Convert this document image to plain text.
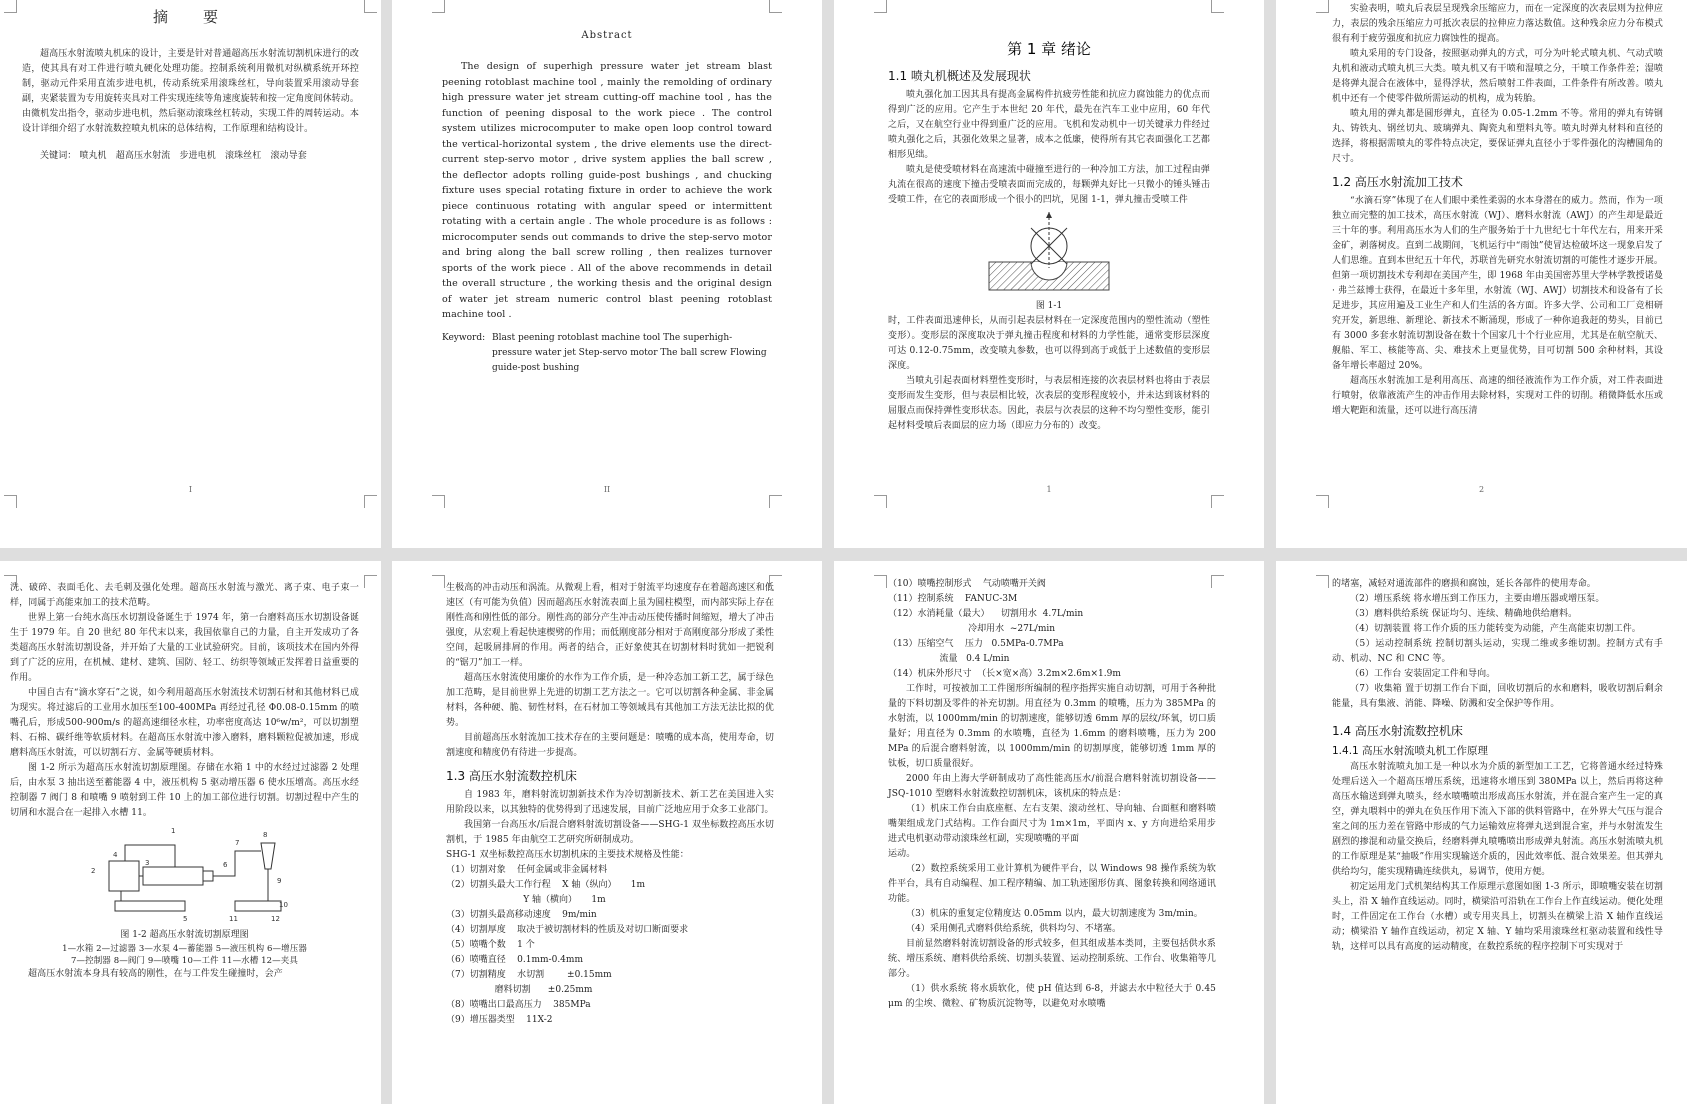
摘　要

超高压水射流喷丸机床的设计，主要是针对普通超高压水射流切割机床进行的改造，使其具有对工件进行喷丸硬化处理功能。控制系统利用微机对纵横系统开环控制，驱动元件采用直流步进电机，传动系统采用滚珠丝杠，导向装置采用滚动导套副，夹紧装置为专用旋转夹具对工件实现连续等角速度旋转和按一定角度间休转动。由微机发出指令，驱动步进电机，然后驱动滚珠丝杠转动，实现工件的周转运动。本设计详细介绍了水射流数控喷丸机床的总体结构，工作原理和结构设计。

关键词： 喷丸机　超高压水射流　步进电机　滚珠丝杠　滚动导套

I
Abstract

The design of superhigh pressure water jet stream blast peening rotoblast machine tool , mainly the remolding of ordinary high pressure water jet stream cutting-off machine tool , has the function of peening disposal to the work piece . The control system utilizes microcomputer to make open loop control toward the vertical-horizontal system , the drive elements use the direct-current step-servo motor , drive system applies the ball screw , the deflector adopts rolling guide-post bushings , and chucking fixture uses special rotating fixture in order to achieve the work piece continuous rotating with angular speed or intermittent rotating with a certain angle . The whole procedure is as follows : microcomputer sends out commands to drive the step-servo motor and bring along the ball screw rolling , then realizes turnover sports of the work piece . All of the above recommends in detail the overall structure , the working thesis and the original design of water jet stream numeric control blast peening rotoblast machine tool .

Keyword: Blast peening rotoblast machine tool The superhigh-pressure water jet Step-servo motor The ball screw Flowing guide-post bushing
II
第 1 章 绪论
1.1 喷丸机概述及发展现状

喷丸强化加工因其具有提高金属构件抗疲劳性能和抗应力腐蚀能力的优点而得到广泛的应用。它产生于本世纪 20 年代，最先在汽车工业中应用，60 年代之后，又在航空行业中得到重广泛的应用。飞机和发动机中一切关键承力件经过喷丸强化之后，其强化效果之显著，成本之低廉，使得所有其它表面强化工艺都相形见绌。

喷丸是使受喷材料在高速流中碰撞至进行的一种冷加工方法，加工过程由弹丸流在很高的速度下撞击受喷表面而完成的，每颗弹丸好比一只微小的锤头锤击受喷工件，在它的表面形成一个很小的凹坑，见图 1-1，弹丸撞击受喷工件

图 1-1

时，工件表面迅速伸长，从而引起表层材料在一定深度范围内的塑性流动（塑性变形）。变形层的深度取决于弹丸撞击程度和材料的力学性能，通常变形层深度可达 0.12-0.75mm，改变喷丸参数，也可以得到高于或低于上述数值的变形层深度。

当喷丸引起表面材料塑性变形时，与表层相连接的次表层材料也将由于表层变形而发生变形，但与表层相比较，次表层的变形程度较小，并未达到该材料的屈服点而保持弹性变形状态。因此，表层与次表层的这种不均匀塑性变形，能引起材料受喷后表面层的应力场（即应力分布的）改变。

1

实验表明，喷丸后表层呈现残余压缩应力，而在一定深度的次表层则为拉伸应力，表层的残余压缩应力可抵次表层的拉伸应力落达数值。这种残余应力分布模式很有利于疲劳强度和抗应力腐蚀性的提高。

喷丸采用的专门设备，按照驱动弹丸的方式，可分为叶轮式喷丸机、气动式喷丸机和液动式喷丸机三大类。喷丸机又有干喷和湿喷之分，干喷工作条件差；湿喷是将弹丸混合在液体中，显得浮状，然后喷射工件表面，工件条件有所改善。喷丸机中还有一个使零件做所需运动的机构，成为转胎。

喷丸用的弹丸都是圆形弹丸，直径为 0.05-1.2mm 不等。常用的弹丸有铸钢丸、铸铁丸、钢丝切丸、玻璃弹丸、陶瓷丸和塑料丸等。喷丸时弹丸材料和直径的选择，将根据需喷丸的零件特点决定，要保证弹丸直径小于零件强化的沟槽圆角的尺寸。

1.2 高压水射流加工技术

“水滴石穿”体现了在人们眼中柔性柔弱的水本身潜在的威力。然而，作为一项独立而完整的加工技术，高压水射流（WJ）、磨料水射流（AWJ）的产生却是最近三十年的事。利用高压水为人们的生产服务始于十九世纪七十年代左右，用来开采金矿，剥落树皮。直到二战期间，飞机运行中“雨蚀”使冒达检破坏这一现象启发了人们思维。直到本世纪五十年代，苏联首先研究水射流切割的可能性才逐步开展。但第一项切割技术专利却在美国产生，即 1968 年由美国密苏里大学林学教授诺曼 · 弗兰兹博士获得，在最近十多年里，水射流（WJ、AWJ）切割技术和设备有了长足进步，其应用遍及工业生产和人们生活的各方面。许多大学、公司和工厂竞相研究开发，新思维、新理论、新技术不断涌现，形成了一种你追我赶的势头，目前已有 3000 多套水射流切割设备在数十个国家几十个行业应用，尤其是在航空航天、舰船、军工、核能等高、尖、难技术上更显优势，目可切割 500 余种材料，其设备年增长率超过 20%。

超高压水射流加工是利用高压、高速的细径液流作为工作介质，对工件表面进行喷射，依靠液流产生的冲击作用去除材料，实现对工件的切削。稍微降低水压或增大靶距和流量，还可以进行高压清

2

洗、破碎、表面毛化、去毛刺及强化处理。超高压水射流与激光、离子束、电子束一样，同属于高能束加工的技术范畴。

世界上第一台纯水高压水切割设备诞生于 1974 年，第一台磨料高压水切割设备诞生于 1979 年。自 20 世纪 80 年代末以来，我国依靠自己的力量，自主开发成功了各类超高压水射流切割设备，并开始了大量的工业试验研究。目前，该项技术在国内外得到了广泛的应用，在机械、建材、建筑、国防、轻工、纺织等领域正发挥着日益重要的作用。

中国自古有“滴水穿石”之说，如今利用超高压水射流技术切割石材和其他材料已成为现实。将过滤后的工业用水加压至100-400MPa 再经过孔径 Φ0.08-0.15mm 的喷嘴孔后，形成500-900m/s 的超高速细径水柱，功率密度高达 10⁶w/m²，可以切割塑料、石棉、碳纤维等软质材料。在超高压水射流中渗入磨料，磨料颗粒促被加速，形成磨料高压水射流，可以切割石方、金属等硬质材料。

图 1-2 所示为超高压水射流切割原理图。存储在水箱 1 中的水经过过滤器 2 处理后，由水泵 3 抽出送至蓄能器 4 中，液压机构 5 驱动增压器 6 使水压增高。高压水经控制器 7 阀门 8 和喷嘴 9 喷射到工件 10 上的加工部位进行切割。切割过程中产生的切屑和水混合在一起排入水槽 11。

1
2
3
4
5
6
7
8
9
10
11	12
图 1-2 超高压水射流切割原理图
1—水箱 2—过滤器 3—水泵 4—蓄能器 5—液压机构 6—增压器
7—控制器 8—阀门 9—喷嘴 10—工件 11—水槽 12—夹具

超高压水射流本身具有较高的刚性，在与工件发生碰撞时，会产

生极高的冲击动压和涡流。从微观上看，相对于射流平均速度存在着超高速区和低速区（有可能为负值）因而超高压水射流表面上虽为圆柱模型，而内部实际上存在刚性高和刚性低的部分。刚性高的部分产生冲击动压使传播时间缩短，增大了冲击强度，从宏观上看起快速楔劈的作用；而低刚度部分相对于高刚度部分形成了柔性空间，起吸屑排屑的作用。两者的结合，正好象使其在切割材料时犹如一把锐利的“锯刀”加工一样。

超高压水射流使用廉价的水作为工作介质，是一种冷态加工新工艺，属于绿色加工范畴，是目前世界上先进的切割工艺方法之一。它可以切割各种金属、非金属材料，各种硬、脆、韧性材料，在石材加工等领域具有其他加工方法无法比拟的优势。

目前超高压水射流加工技术存在的主要问题是：喷嘴的成本高，使用寿命，切割速度和精度仍有待进一步提高。

1.3 高压水射流数控机床

自 1983 年，磨料射流切割新技术作为冷切割新技术、新工艺在美国进入实用阶段以来，以其独特的优势得到了迅速发展，目前广泛地应用于众多工业部门。

我国第一台高压水/后混合磨料射流切割设备——SHG-1 双坐标数控高压水切割机，于 1985 年由航空工艺研究所研制成功。

SHG-1 双坐标数控高压水切割机床的主要技术规格及性能：

（1）切割对象    任何金属或非金属材料
（2）切割头最大工作行程    X 轴（纵向）     1m
Y 轴（横向）     1m
（3）切割头最高移动速度    9m/min
（4）切割厚度    取决于被切割材料的性质及对切口断面要求
（5）喷嘴个数    1 个
（6）喷嘴直径    0.1mm-0.4mm
（7）切割精度    水切割        ±0.15mm
磨料切割      ±0.25mm
（8）喷嘴出口最高压力    385MPa
（9）增压器类型    11X-2
（10）喷嘴控制形式    气动喷嘴开关阀
（11）控制系统    FANUC-3M
（12）水消耗量（最大）    切割用水  4.7L/min
冷却用水  ~27L/min
（13）压缩空气    压力   0.5MPa-0.7MPa
流量   0.4 L/min
（14）机床外形尺寸  （长×宽×高）3.2m×2.6m×1.9m

工作时，可按被加工工件图形所编制的程序指挥实施自动切割，可用于各种批量的下料切割及零件的补充切割。用直径为 0.3mm 的喷嘴，压力为 385MPa 的水射流，以 1000mm/min 的切割速度，能够切透 6mm 厚的层纹/环氧，切口质量好；用直径为 0.3mm 的水喷嘴，直径为 1.6mm 的磨料喷嘴，压力为 200 MPa 的后混合磨料射流，以 1000mm/min 的切割厚度，能够切透 1mm 厚的钛板，切口质量很好。

2000 年由上海大学研制成功了高性能高压水/前混合磨料射流切割设备——JSQ-1010 型磨料水射流数控切割机床，该机床的特点是：

（1）机床工作台由底座框、左右支架、滚动丝杠、导向轴、台面框和磨料喷嘴架组成龙门式结构。工作台面尺寸为 1m×1m，平面内 x、y 方向进给采用步进式电机驱动带动滚珠丝杠副，实现喷嘴的平面

运动。

（2）数控系统采用工业计算机为硬件平台，以 Windows 98 操作系统为软件平台，具有自动编程、加工程序精编、加工轨迹图形仿真、图象转换和网络通讯功能。

（3）机床的重复定位精度达 0.05mm 以内，最大切割速度为 3m/min。

（4）采用侧孔式磨料供给系统，供料均匀、不堵塞。

目前显然磨料射流切割设备的形式较多，但其组成基本类同，主要包括供水系统、增压系统、磨料供给系统、切割头装置、运动控制系统、工作台、收集箱等几部分。

（1）供水系统 将水质软化，使 pH 值达到 6-8，并滤去水中粒径大于 0.45 μm 的尘埃、微粒、矿物质沉淀物等，以避免对水喷嘴

的堵塞，减轻对通流部件的磨损和腐蚀，延长各部件的使用寿命。

（2）增压系统 将水增压到工作压力，主要由增压器或增压泵。

（3）磨料供给系统 保证均匀、连续、精确地供给磨料。

（4）切割装置 将工作介质的压力能转变为动能，产生高能束切割工件。

（5）运动控制系统 控制切割头运动，实现二维或多维切割。控制方式有手动、机动、NC 和 CNC 等。

（6）工作台 安装固定工件和导向。

（7）收集箱 置于切割工作台下面，回收切割后的水和磨料，吸收切割后剩余能量，具有集液、消能、降噪、防溅和安全保护等作用。

1.4 高压水射流数控机床
1.4.1 高压水射流喷丸机工作原理

高压水射流喷丸加工是一种以水为介质的新型加工工艺，它将普通水经过特殊处理后送入一个超高压增压系统，迅速将水增压到 380MPa 以上，然后再将这种高压水输送到弹丸喷头，经水喷嘴喷出形成高压水射流，并在混合室产生一定的真空，弹丸喂料中的弹丸在负压作用下流入下部的供料管路中，在外界大气压与混合室之间的压力差在管路中形成的气力运输效应将弹丸送到混合室，并与水射流发生剧烈的掺混和动量交换后，经磨料弹丸喷嘴喷出形成弹丸射流。高压水射流喷丸机的工作原理是某“抽吸”作用实现输送介质的，因此效率低、混合效果差。但其弹丸供给均匀，能实现精确连续供丸，易调节，使用方便。

初定运用龙门式机架结构其工作原理示意图如图 1-3 所示，即喷嘴安装在切割头上，沿 X 轴作直线运动。同时，横梁沿可沿轨在工作台上作直线运动。便化处理时，工件固定在工作台（水槽）或专用夹具上，切割头在横梁上沿 X 轴作直线运动；横梁沿 Y 轴作直线运动，初定 X 轴、Y 轴均采用滚珠丝杠驱动装置和线性导轨，这样可以具有高度的运动精度，在数控系统的程序控制下可实现对于
